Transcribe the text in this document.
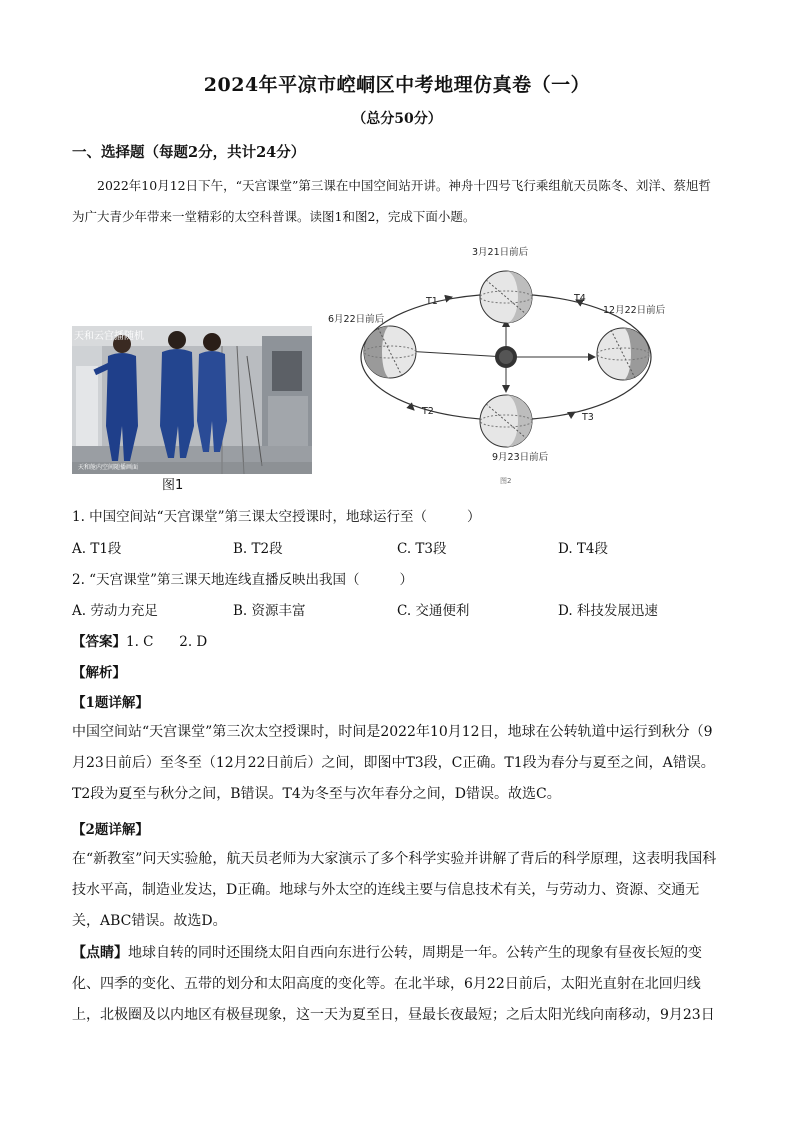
2024年平凉市崆峒区中考地理仿真卷（一）
（总分50分）
一、选择题（每题2分，共计24分）
2022年10月12日下午，“天宫课堂”第三课在中国空间站开讲。神舟十四号飞行乘组航天员陈冬、刘洋、蔡旭哲为广大青少年带来一堂精彩的太空科普课。读图1和图2，完成下面小题。
天和云宫播随机
天和舱内空间随播画面
图1
3月21日前后
6月22日前后
12月22日前后
9月23日前后
T1	T4
T2
T3
图2
1. 中国空间站“天宫课堂”第三课太空授课时，地球运行至（	）
A. T1段	B. T2段	C. T3段	D. T4段
2. “天宫课堂”第三课天地连线直播反映出我国（	）
A. 劳动力充足	B. 资源丰富	C. 交通便利	D. 科技发展迅速
【答案】1. C      2. D
【解析】
【1题详解】
中国空间站“天宫课堂”第三次太空授课时，时间是2022年10月12日，地球在公转轨道中运行到秋分（9月23日前后）至冬至（12月22日前后）之间，即图中T3段，C正确。T1段为春分与夏至之间，A错误。T2段为夏至与秋分之间，B错误。T4为冬至与次年春分之间，D错误。故选C。
【2题详解】
在“新教室”问天实验舱，航天员老师为大家演示了多个科学实验并讲解了背后的科学原理，这表明我国科技水平高，制造业发达，D正确。地球与外太空的连线主要与信息技术有关，与劳动力、资源、交通无关，ABC错误。故选D。
【点睛】地球自转的同时还围绕太阳自西向东进行公转，周期是一年。公转产生的现象有昼夜长短的变化、四季的变化、五带的划分和太阳高度的变化等。在北半球，6月22日前后，太阳光直射在北回归线上，北极圈及以内地区有极昼现象，这一天为夏至日，昼最长夜最短；之后太阳光线向南移动，9月23日
